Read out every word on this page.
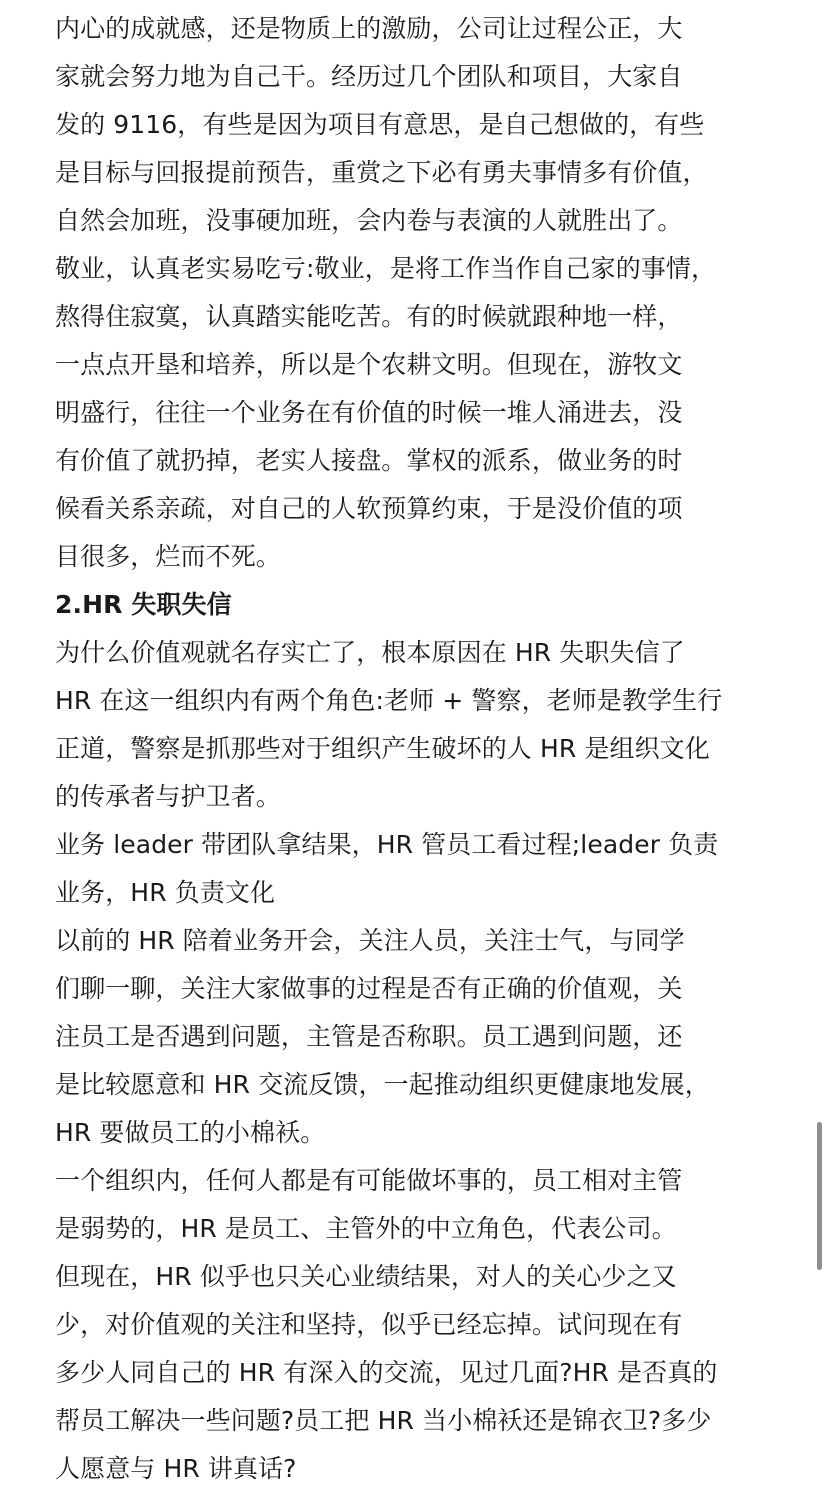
内心的成就感，还是物质上的激励，公司让过程公正，大
家就会努力地为自己干。经历过几个团队和项目，大家自
发的 9116，有些是因为项目有意思，是自己想做的，有些
是目标与回报提前预告，重赏之下必有勇夫事情多有价值，
自然会加班，没事硬加班，会内卷与表演的人就胜出了。
敬业，认真老实易吃亏:敬业，是将工作当作自己家的事情，
熬得住寂寞，认真踏实能吃苦。有的时候就跟种地一样，
一点点开垦和培养，所以是个农耕文明。但现在，游牧文
明盛行，往往一个业务在有价值的时候一堆人涌进去，没
有价值了就扔掉，老实人接盘。掌权的派系，做业务的时
候看关系亲疏，对自己的人软预算约束，于是没价值的项
目很多，烂而不死。
2.HR 失职失信
为什么价值观就名存实亡了，根本原因在 HR 失职失信了
HR 在这一组织内有两个角色:老师 + 警察，老师是教学生行
正道，警察是抓那些对于组织产生破坏的人 HR 是组织文化
的传承者与护卫者。
业务 leader 带团队拿结果，HR 管员工看过程;leader 负责
业务，HR 负责文化
以前的 HR 陪着业务开会，关注人员，关注士气，与同学
们聊一聊，关注大家做事的过程是否有正确的价值观，关
注员工是否遇到问题，主管是否称职。员工遇到问题，还
是比较愿意和 HR 交流反馈，一起推动组织更健康地发展，
HR 要做员工的小棉袄。
一个组织内，任何人都是有可能做坏事的，员工相对主管
是弱势的，HR 是员工、主管外的中立角色，代表公司。
但现在，HR 似乎也只关心业绩结果，对人的关心少之又
少，对价值观的关注和坚持，似乎已经忘掉。试问现在有
多少人同自己的 HR 有深入的交流，见过几面?HR 是否真的
帮员工解决一些问题?员工把 HR 当小棉袄还是锦衣卫?多少
人愿意与 HR 讲真话?
